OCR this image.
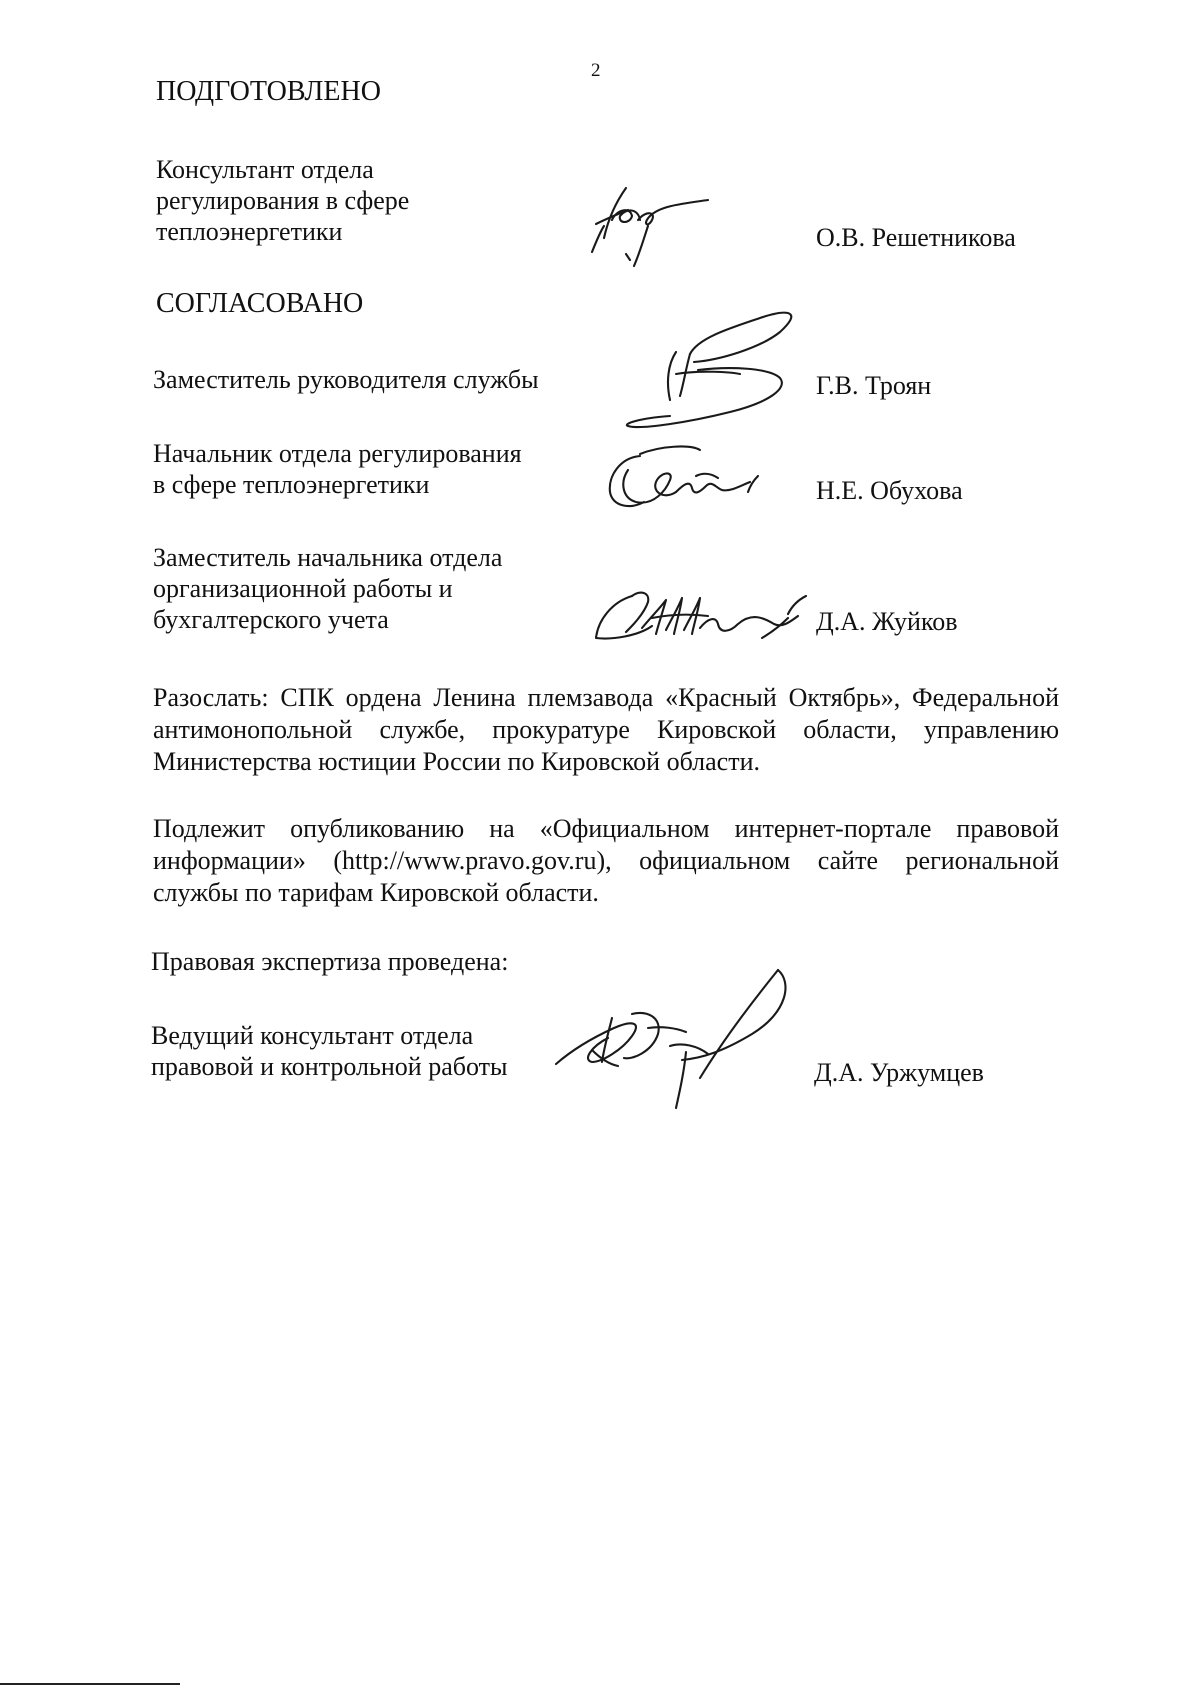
2
ПОДГОТОВЛЕНО
Консультант отдела
регулирования в сфере
теплоэнергетики	О.В. Решетникова
СОГЛАСОВАНО
Заместитель руководителя службы	Г.В. Троян
Начальник отдела регулирования
в сфере теплоэнергетики	Н.Е. Обухова
Заместитель начальника отдела
организационной работы и
бухгалтерского учета	Д.А. Жуйков
Разослать: СПК ордена Ленина племзавода «Красный Октябрь», Федеральной антимонопольной службе, прокуратуре Кировской области, управлению Министерства юстиции России по Кировской области.
Подлежит опубликованию на «Официальном интернет-портале правовой информации» (http://www.pravo.gov.ru), официальном сайте региональной службы по тарифам Кировской области.
Правовая экспертиза проведена:
Ведущий консультант отдела
правовой и контрольной работы	Д.А. Уржумцев
